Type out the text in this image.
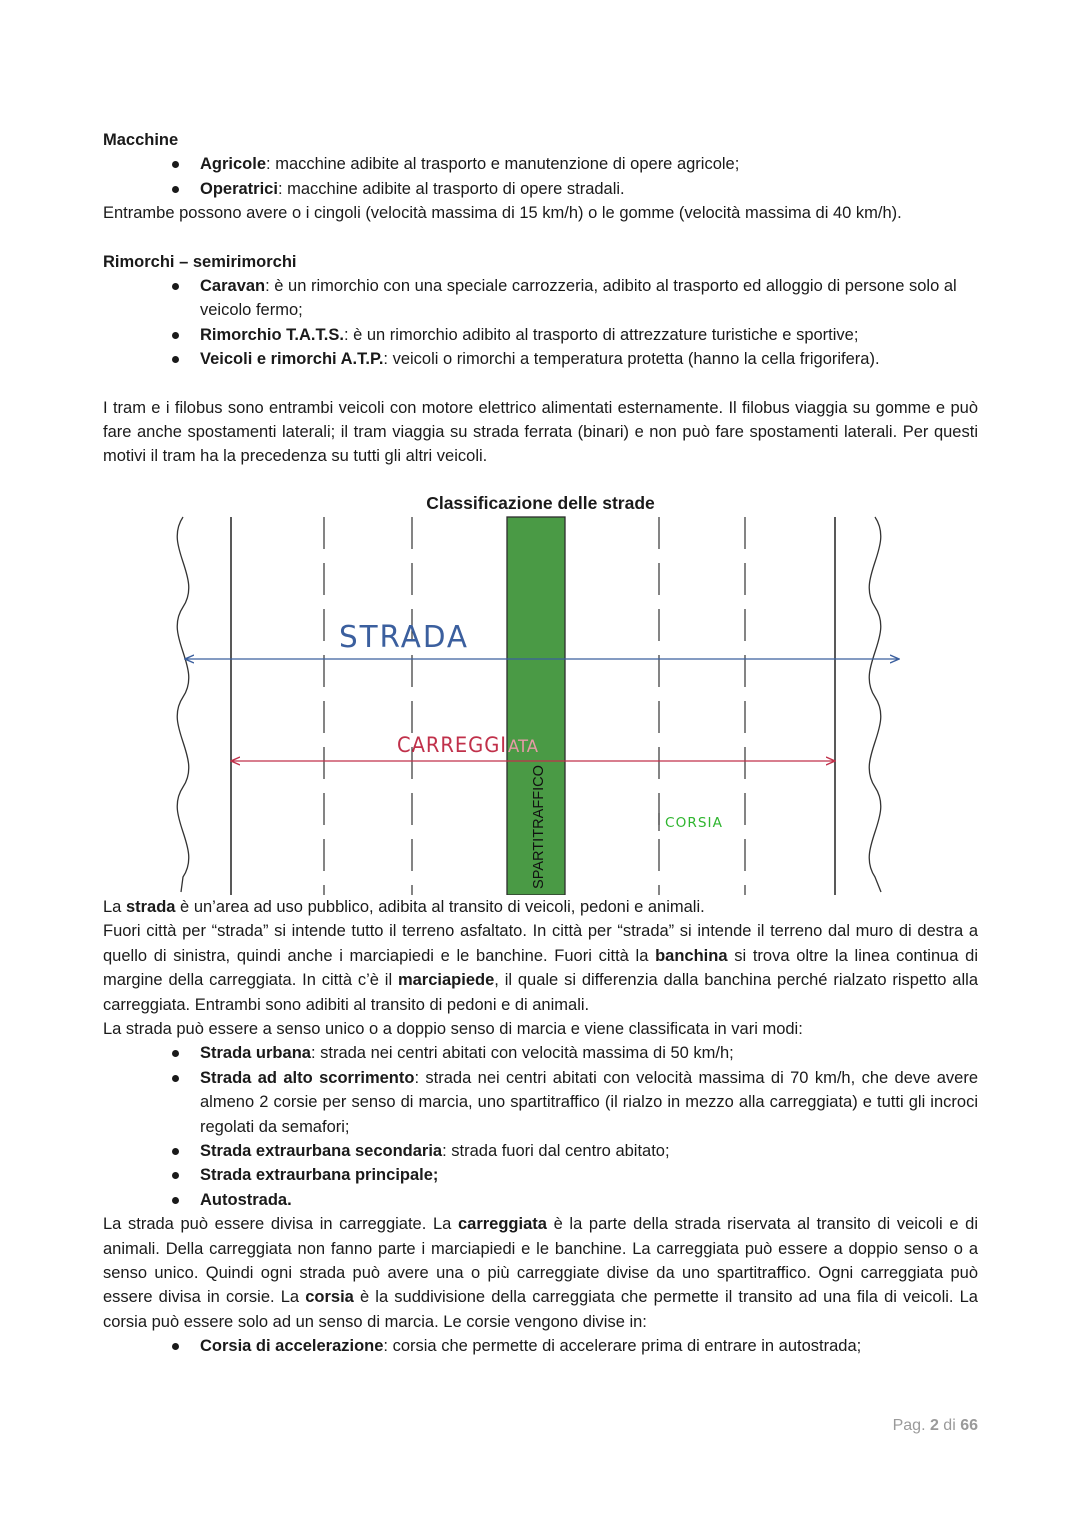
Macchine
Agricole: macchine adibite al trasporto e manutenzione di opere agricole;
Operatrici: macchine adibite al trasporto di opere stradali.
Entrambe possono avere o i cingoli (velocità massima di 15 km/h) o le gomme (velocità massima di 40 km/h).
Rimorchi – semirimorchi
Caravan: è un rimorchio con una speciale carrozzeria, adibito al trasporto ed alloggio di persone solo al veicolo fermo;
Rimorchio T.A.T.S.: è un rimorchio adibito al trasporto di attrezzature turistiche e sportive;
Veicoli e rimorchi A.T.P.: veicoli o rimorchi a temperatura protetta (hanno la cella frigorifera).
I tram e i filobus sono entrambi veicoli con motore elettrico alimentati esternamente. Il filobus viaggia su gomme e può fare anche spostamenti laterali; il tram viaggia su strada ferrata (binari) e non può fare spostamenti laterali. Per questi motivi il tram ha la precedenza su tutti gli altri veicoli.
STRADA
CARREGGI ATA
SPARTITRAFFICO	CORSIA
Classificazione delle strade
La strada è un’area ad uso pubblico, adibita al transito di veicoli, pedoni e animali.
Fuori città per “strada” si intende tutto il terreno asfaltato. In città per “strada” si intende il terreno dal muro di destra a quello di sinistra, quindi anche i marciapiedi e le banchine. Fuori città la banchina si trova oltre la linea continua di margine della carreggiata. In città c’è il marciapiede, il quale si differenzia dalla banchina perché rialzato rispetto alla carreggiata. Entrambi sono adibiti al transito di pedoni e di animali.
La strada può essere a senso unico o a doppio senso di marcia e viene classificata in vari modi:
Strada urbana: strada nei centri abitati con velocità massima di 50 km/h;
Strada ad alto scorrimento: strada nei centri abitati con velocità massima di 70 km/h, che deve avere almeno 2 corsie per senso di marcia, uno spartitraffico (il rialzo in mezzo alla carreggiata) e tutti gli incroci regolati da semafori;
Strada extraurbana secondaria: strada fuori dal centro abitato;
Strada extraurbana principale;
Autostrada.
La strada può essere divisa in carreggiate. La carreggiata è la parte della strada riservata al transito di veicoli e di animali. Della carreggiata non fanno parte i marciapiedi e le banchine. La carreggiata può essere a doppio senso o a senso unico. Quindi ogni strada può avere una o più carreggiate divise da uno spartitraffico. Ogni carreggiata può essere divisa in corsie. La corsia è la suddivisione della carreggiata che permette il transito ad una fila di veicoli. La corsia può essere solo ad un senso di marcia. Le corsie vengono divise in:
Corsia di accelerazione: corsia che permette di accelerare prima di entrare in autostrada;
Pag. 2 di 66
